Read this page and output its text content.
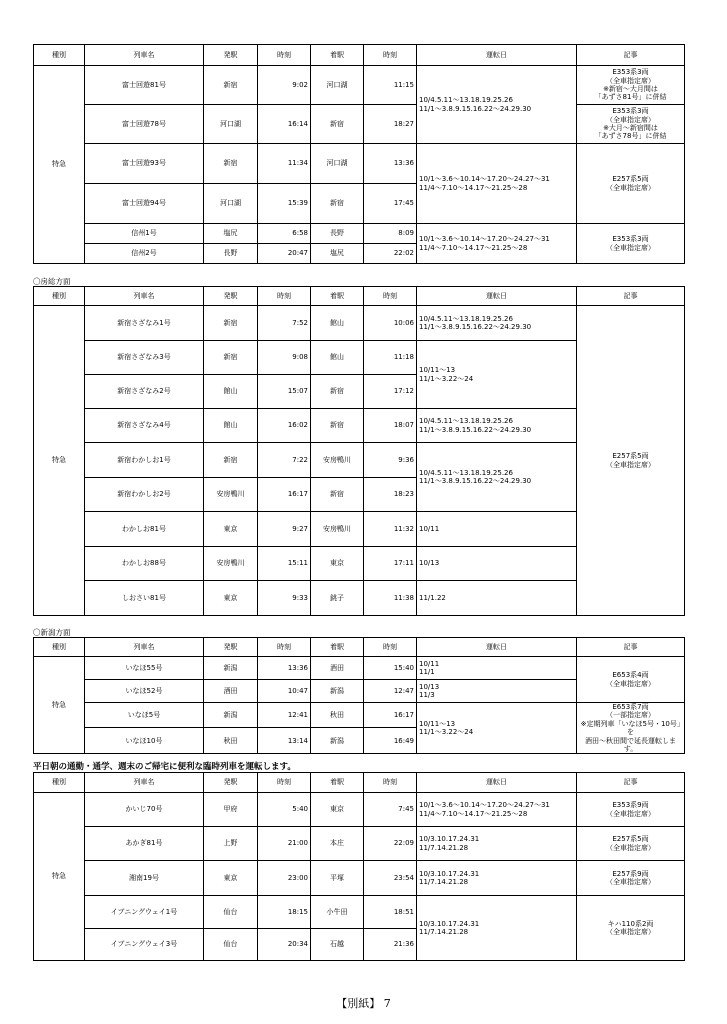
種別	列車名	発駅	時刻	着駅	時刻	運転日	記事
特急	富士回遊81号	新宿	9:02	河口湖	11:15	10/4.5.11～13.18.19.25.26
11/1～3.8.9.15.16.22～24.29.30	E353系3両
（全車指定席）
※新宿～大月間は
「あずさ81号」に併結
	富士回遊78号	河口湖	16:14	新宿	18:27		E353系3両
（全車指定席）
※大月～新宿間は
「あずさ78号」に併結
	富士回遊93号	新宿	11:34	河口湖	13:36	10/1～3.6～10.14～17.20～24.27～31
11/4～7.10～14.17～21.25～28	E257系5両
（全車指定席）
	富士回遊94号	河口湖	15:39	新宿	17:45		
	信州1号	塩尻	6:58	長野	8:09	10/1～3.6～10.14～17.20～24.27～31
11/4～7.10～14.17～21.25～28	E353系3両
（全車指定席）
	信州2号	長野	20:47	塩尻	22:02		
〇房総方面
種別	列車名	発駅	時刻	着駅	時刻	運転日	記事
特急	新宿さざなみ1号	新宿	7:52	館山	10:06	10/4.5.11～13.18.19.25.26
11/1～3.8.9.15.16.22～24.29.30	E257系5両
（全車指定席）
	新宿さざなみ3号	新宿	9:08	館山	11:18	10/11～13
11/1～3.22～24	
	新宿さざなみ2号	館山	15:07	新宿	17:12		
	新宿さざなみ4号	館山	16:02	新宿	18:07	10/4.5.11～13.18.19.25.26
11/1～3.8.9.15.16.22～24.29.30	
	新宿わかしお1号	新宿	7:22	安房鴨川	9:36	10/4.5.11～13.18.19.25.26
11/1～3.8.9.15.16.22～24.29.30	
	新宿わかしお2号	安房鴨川	16:17	新宿	18:23		
	わかしお81号	東京	9:27	安房鴨川	11:32	10/11	
	わかしお88号	安房鴨川	15:11	東京	17:11	10/13	
	しおさい81号	東京	9:33	銚子	11:38	11/1.22	
〇新潟方面
種別	列車名	発駅	時刻	着駅	時刻	運転日	記事
特急	いなほ55号	新潟	13:36	酒田	15:40	10/11
11/1	E653系4両
（全車指定席）
	いなほ52号	酒田	10:47	新潟	12:47	10/13
11/3	
	いなほ5号	新潟	12:41	秋田	16:17	10/11～13
11/1～3.22～24	E653系7両
（一部指定席）
※定期列車「いなほ5号・10号」を
酒田～秋田間で延長運転します。
	いなほ10号	秋田	13:14	新潟	16:49		
平日朝の通勤・通学、週末のご帰宅に便利な臨時列車を運転します。
種別	列車名	発駅	時刻	着駅	時刻	運転日	記事
特急	かいじ70号	甲府	5:40	東京	7:45	10/1～3.6～10.14～17.20～24.27～31
11/4～7.10～14.17～21.25～28	E353系9両
（全車指定席）
	あかぎ81号	上野	21:00	本庄	22:09	10/3.10.17.24.31
11/7.14.21.28	E257系5両
（全車指定席）
	湘南19号	東京	23:00	平塚	23:54	10/3.10.17.24.31
11/7.14.21.28	E257系9両
（全車指定席）
	イブニングウェイ1号	仙台	18:15	小牛田	18:51	10/3.10.17.24.31
11/7.14.21.28	キハ110系2両
（全車指定席）
	イブニングウェイ3号	仙台	20:34	石越	21:36		
【別紙】 7
